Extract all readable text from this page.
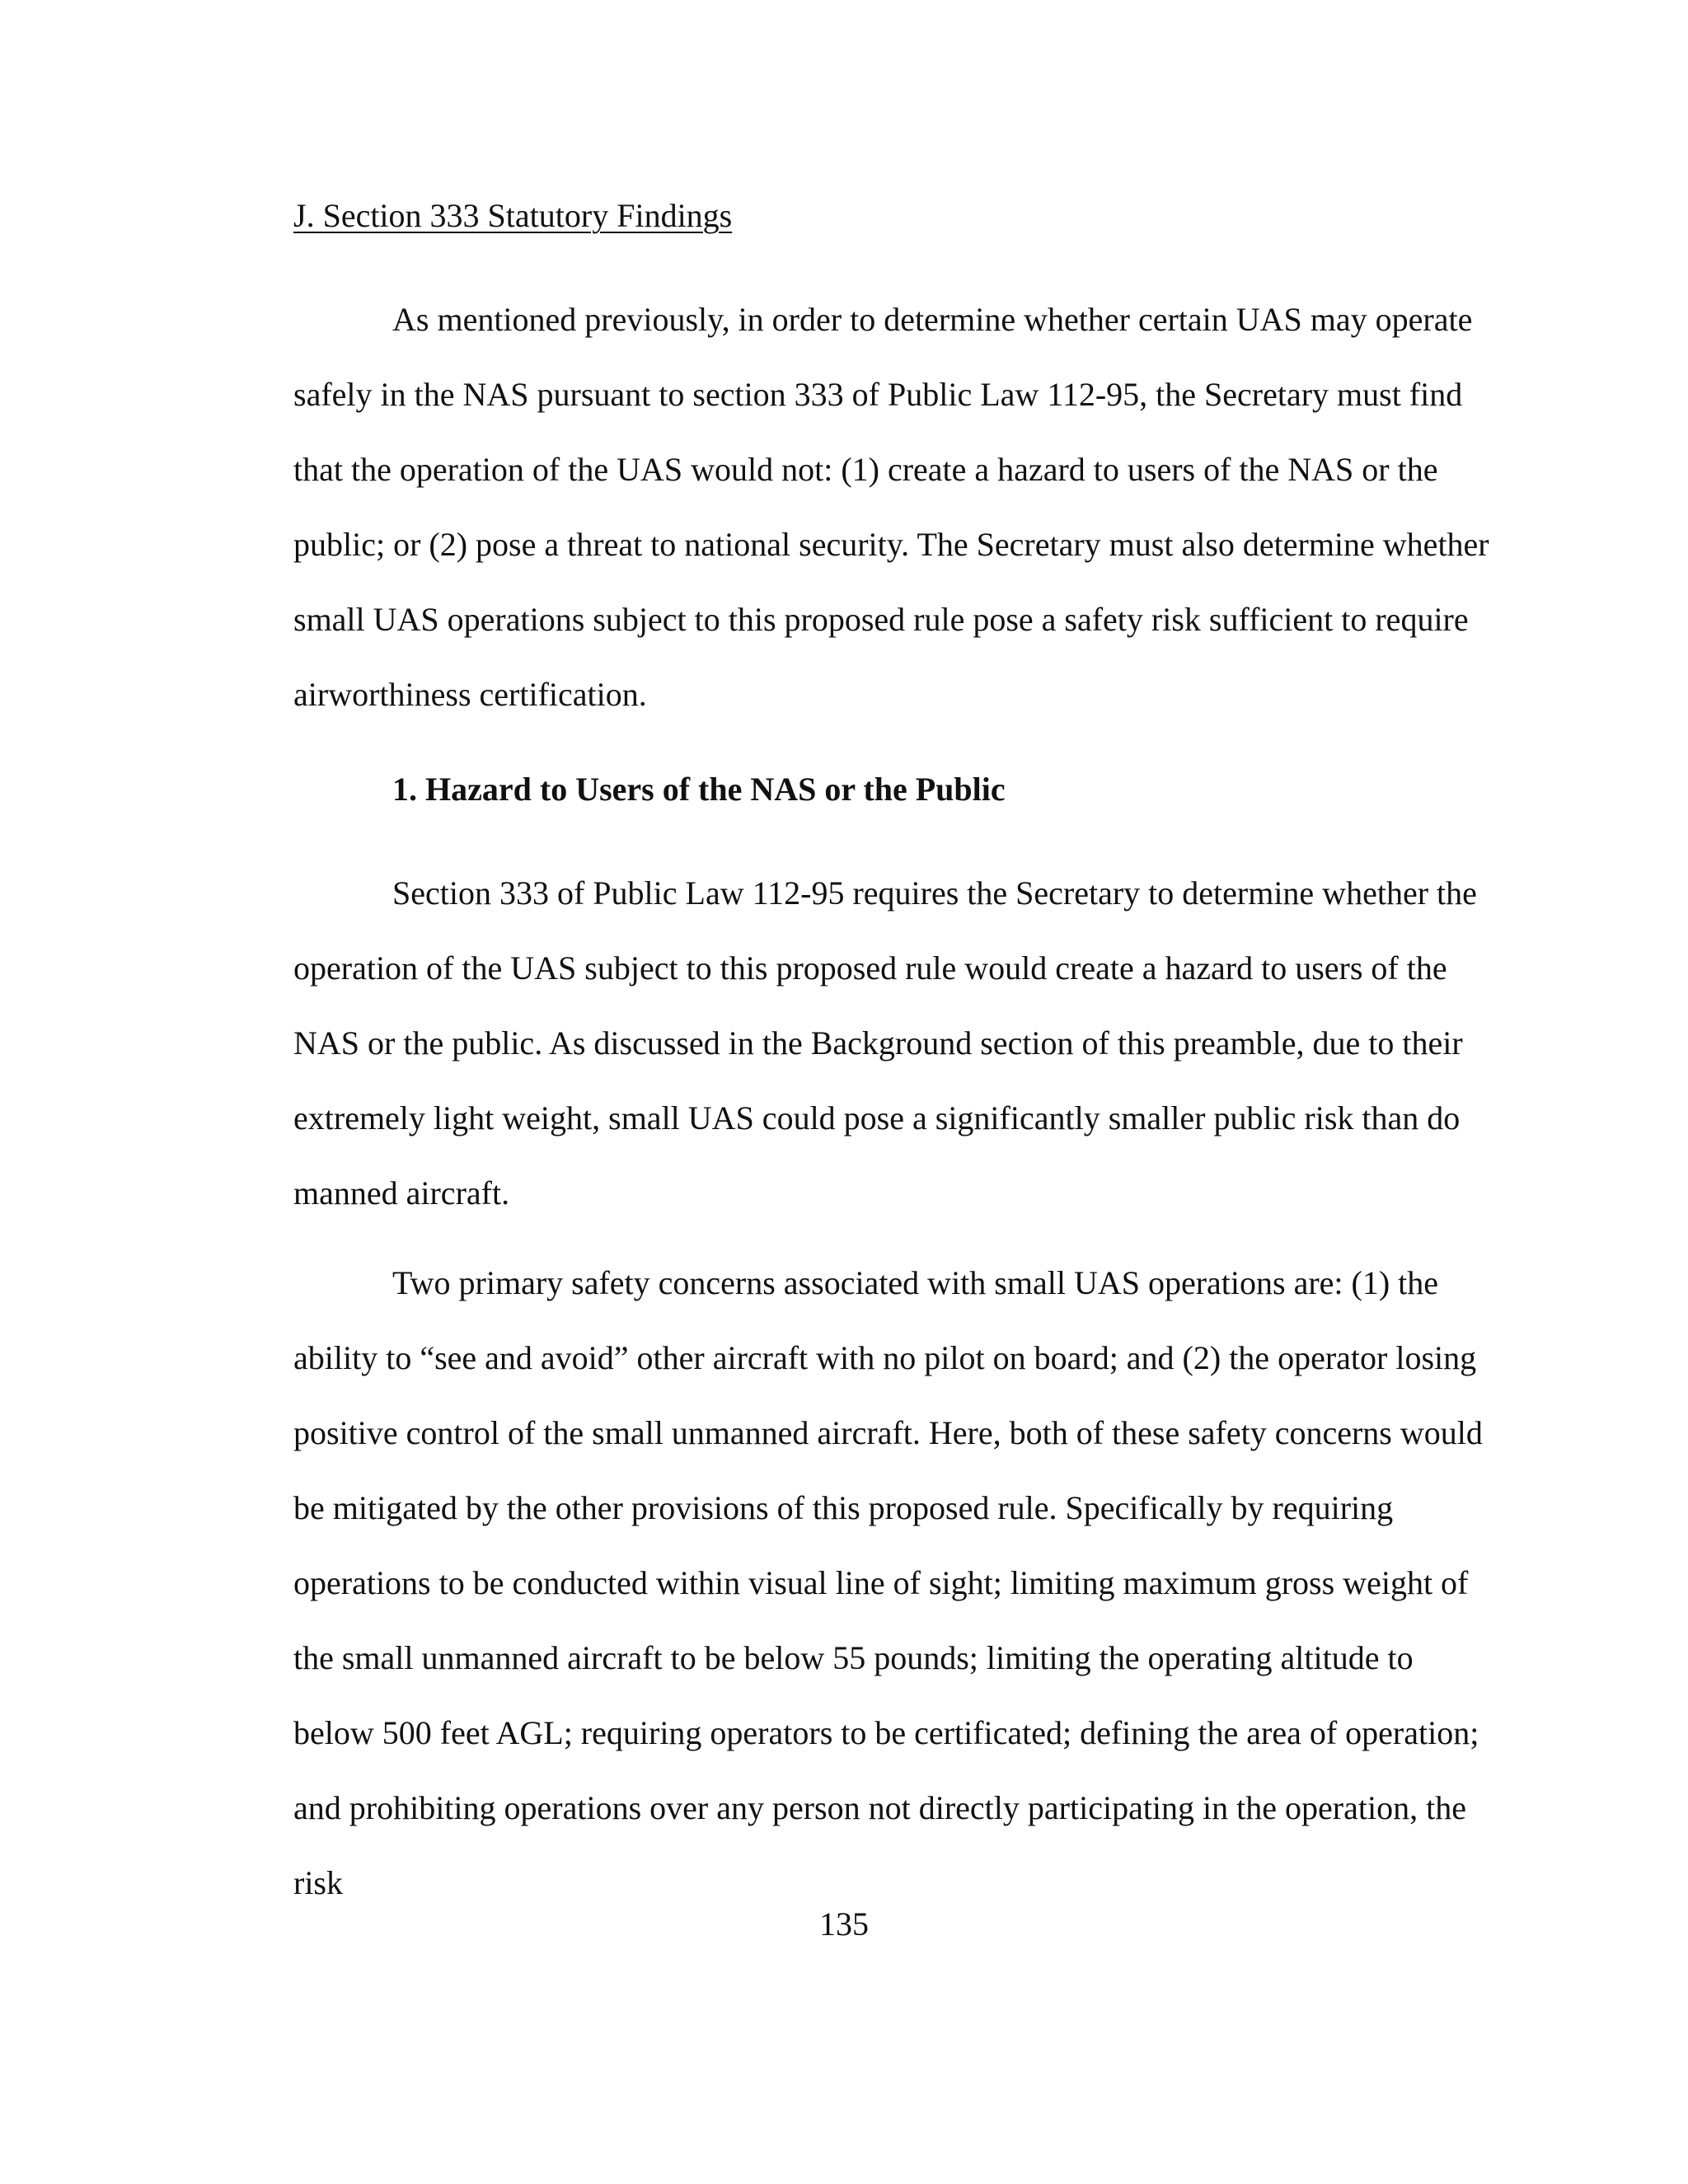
J. Section 333 Statutory Findings

As mentioned previously, in order to determine whether certain UAS may operate safely in the NAS pursuant to section 333 of Public Law 112-95, the Secretary must find that the operation of the UAS would not: (1) create a hazard to users of the NAS or the public; or (2) pose a threat to national security. The Secretary must also determine whether small UAS operations subject to this proposed rule pose a safety risk sufficient to require airworthiness certification.

1. Hazard to Users of the NAS or the Public

Section 333 of Public Law 112-95 requires the Secretary to determine whether the operation of the UAS subject to this proposed rule would create a hazard to users of the NAS or the public. As discussed in the Background section of this preamble, due to their extremely light weight, small UAS could pose a significantly smaller public risk than do manned aircraft.

Two primary safety concerns associated with small UAS operations are: (1) the ability to “see and avoid” other aircraft with no pilot on board; and (2) the operator losing positive control of the small unmanned aircraft. Here, both of these safety concerns would be mitigated by the other provisions of this proposed rule. Specifically by requiring operations to be conducted within visual line of sight; limiting maximum gross weight of the small unmanned aircraft to be below 55 pounds; limiting the operating altitude to below 500 feet AGL; requiring operators to be certificated; defining the area of operation; and prohibiting operations over any person not directly participating in the operation, the risk

135
